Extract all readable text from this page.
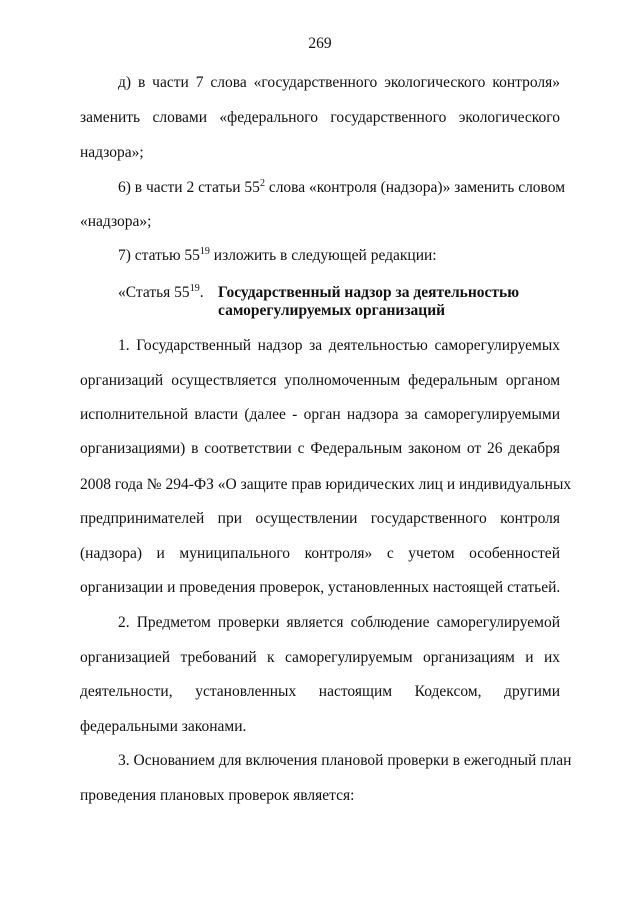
269

д) в части 7 слова «государственного экологического контроля»

заменить словами «федерального государственного экологического

надзора»;

6) в части 2 статьи $55^2$ слова «контроля (надзора)» заменить словом

«надзора»;

7) статью $55^{19}$ изложить в следующей редакции:

«Статья $55^{19}$. Государственный надзор за деятельностью
саморегулируемых организаций

1. Государственный надзор за деятельностью саморегулируемых

организаций осуществляется уполномоченным федеральным органом

исполнительной власти (далее - орган надзора за саморегулируемыми

организациями) в соответствии с Федеральным законом от 26 декабря

2008 года № 294-ФЗ «О защите прав юридических лиц и индивидуальных

предпринимателей при осуществлении государственного контроля

(надзора) и муниципального контроля» с учетом особенностей

организации и проведения проверок, установленных настоящей статьей.

2. Предметом проверки является соблюдение саморегулируемой

организацией требований к саморегулируемым организациям и их

деятельности, установленных настоящим Кодексом, другими

федеральными законами.

3. Основанием для включения плановой проверки в ежегодный план

проведения плановых проверок является:
